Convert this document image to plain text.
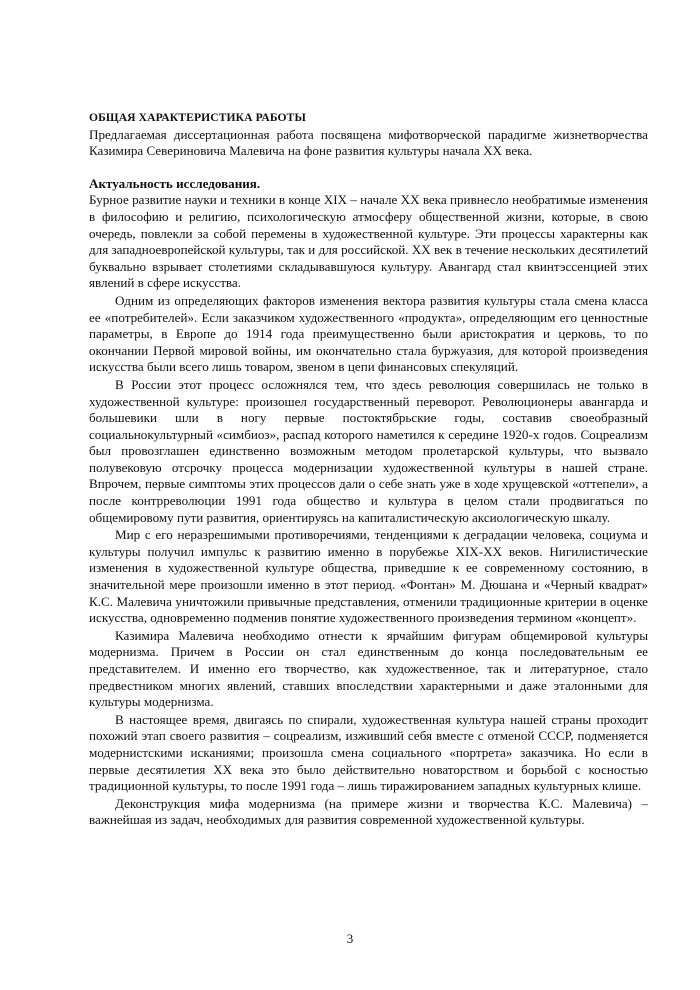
ОБЩАЯ ХАРАКТЕРИСТИКА РАБОТЫ

Предлагаемая диссертационная работа посвящена мифотворческой парадигме жизнетворчества Казимира Севериновича Малевича на фоне развития культуры начала XX века.

Актуальность исследования.

Бурное развитие науки и техники в конце XIX – начале XX века привнесло необратимые изменения в философию и религию, психологическую атмосферу общественной жизни, которые, в свою очередь, повлекли за собой перемены в художественной культуре. Эти процессы характерны как для западноевропейской культуры, так и для российской. XX век в течение нескольких десятилетий буквально взрывает столетиями складывавшуюся культуру. Авангард стал квинтэссенцией этих явлений в сфере искусства.

Одним из определяющих факторов изменения вектора развития культуры стала смена класса ее «потребителей». Если заказчиком художественного «продукта», определяющим его ценностные параметры, в Европе до 1914 года преимущественно были аристократия и церковь, то по окончании Первой мировой войны, им окончательно стала буржуазия, для которой произведения искусства были всего лишь товаром, звеном в цепи финансовых спекуляций.

В России этот процесс осложнялся тем, что здесь революция совершилась не только в художественной культуре: произошел государственный переворот. Революционеры авангарда и большевики шли в ногу первые постоктябрьские годы, составив своеобразный социальнокультурный «симбиоз», распад которого наметился к середине 1920-х годов. Соцреализм был провозглашен единственно возможным методом пролетарской культуры, что вызвало полувековую отсрочку процесса модернизации художественной культуры в нашей стране. Впрочем, первые симптомы этих процессов дали о себе знать уже в ходе хрущевской «оттепели», а после контрреволюции 1991 года общество и культура в целом стали продвигаться по общемировому пути развития, ориентируясь на капиталистическую аксиологическую шкалу.

Мир с его неразрешимыми противоречиями, тенденциями к деградации человека, социума и культуры получил импульс к развитию именно в порубежье XIX-XX веков. Нигилистические изменения в художественной культуре общества, приведшие к ее современному состоянию, в значительной мере произошли именно в этот период. «Фонтан» М. Дюшана и «Черный квадрат» К.С. Малевича уничтожили привычные представления, отменили традиционные критерии в оценке искусства, одновременно подменив понятие художественного произведения термином «концепт».

Казимира Малевича необходимо отнести к ярчайшим фигурам общемировой культуры модернизма. Причем в России он стал единственным до конца последовательным ее представителем. И именно его творчество, как художественное, так и литературное, стало предвестником многих явлений, ставших впоследствии характерными и даже эталонными для культуры модернизма.

В настоящее время, двигаясь по спирали, художественная культура нашей страны проходит похожий этап своего развития – соцреализм, изживший себя вместе с отменой СССР, подменяется модернистскими исканиями; произошла смена социального «портрета» заказчика. Но если в первые десятилетия XX века это было действительно новаторством и борьбой с косностью традиционной культуры, то после 1991 года – лишь тиражированием западных культурных клише.

Деконструкция мифа модернизма (на примере жизни и творчества К.С. Малевича) – важнейшая из задач, необходимых для развития современной художественной культуры.

3
